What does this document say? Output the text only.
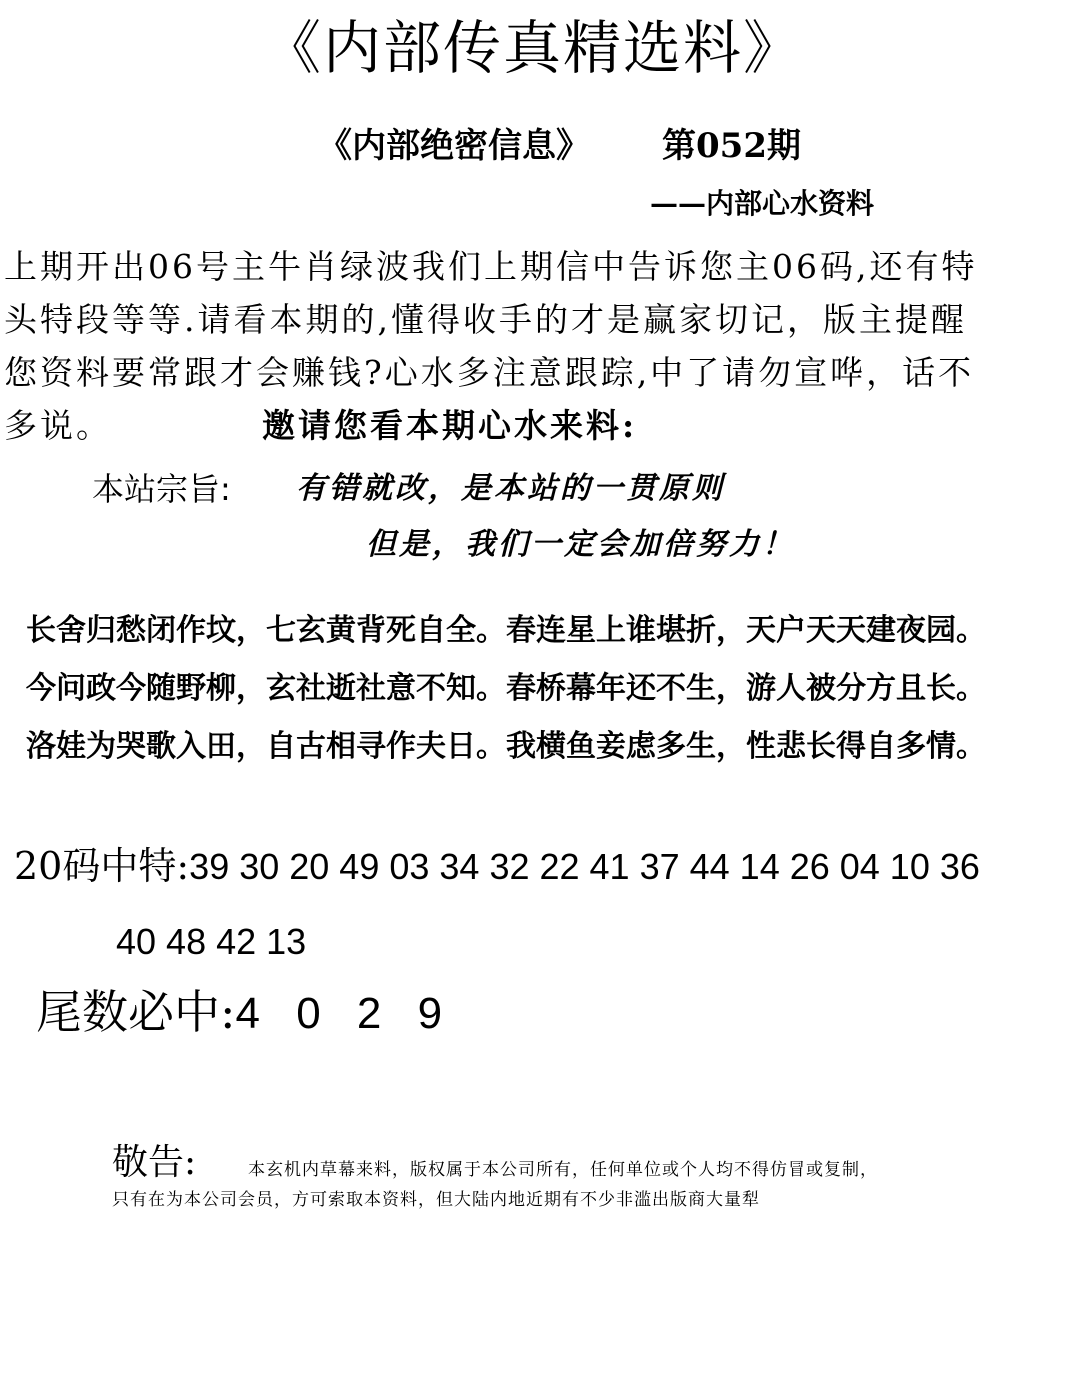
《内部传真精选料》
《内部绝密信息》 第052期
——内部心水资料
上期开出06号主牛肖绿波我们上期信中告诉您主06码,还有特
头特段等等.请看本期的,懂得收手的才是赢家切记，版主提醒
您资料要常跟才会赚钱?心水多注意跟踪,中了请勿宣哗，话不
多说。	邀请您看本期心水来料:
本站宗旨: 有错就改，是本站的一贯原则
但是，我们一定会加倍努力！
长舍归愁闭作坟，七玄黄背死自全。春连星上谁堪折，天户天天建夜园。
今问政今随野柳，玄社逝社意不知。春桥幕年还不生，游人被分方且长。
洛娃为哭歌入田，自古相寻作夫日。我横鱼妾虑多生，性悲长得自多情。
20码中特:39 30 20 49 03 34 32 22 41 37 44 14 26 04 10 36
40 48 42 13
尾数必中:4 0 2 9
敬告:	本玄机内草幕来料，版权属于本公司所有，任何单位或个人均不得仿冒或复制，
只有在为本公司会员，方可索取本资料，但大陆内地近期有不少非滥出版商大量犁
